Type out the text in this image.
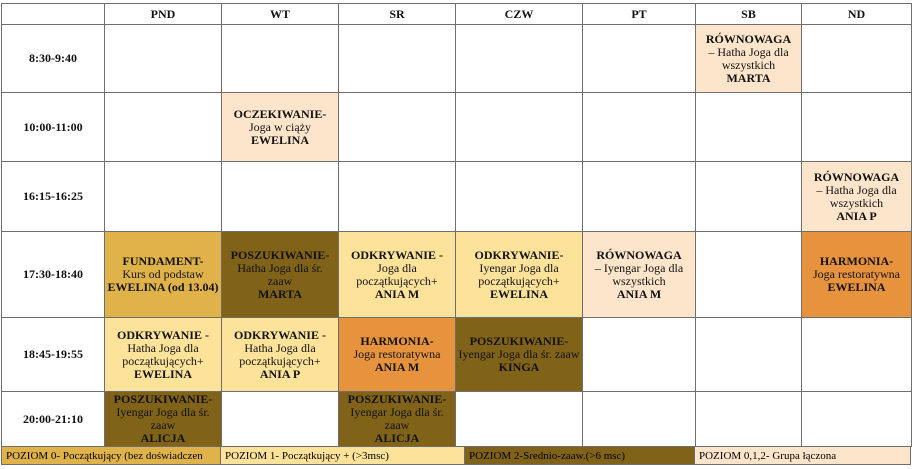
	PND	WT	SR	CZW	PT	SB	ND
8:30-9:40						RÓWNOWAGA
– Hatha Joga dla wszystkich
MARTA	

10:00-11:00		OCZEKIWANIE-
Joga w ciąży
EWELINA					

16:15-16:25							RÓWNOWAGA
– Hatha Joga dla wszystkich
ANIA P

17:30-18:40	FUNDAMENT-
Kurs od podstaw
EWELINA (od 13.04)	POSZUKIWANIE-
Hatha Joga dla śr. zaaw
MARTA	ODKRYWANIE -
Joga dla początkujących+
ANIA M	ODKRYWANIE-
Iyengar Joga dla początkujących+
EWELINA	RÓWNOWAGA
– Iyengar Joga dla wszystkich
ANIA M		HARMONIA-
Joga restoratywna
EWELINA

18:45-19:55	ODKRYWANIE -
Hatha Joga dla początkujących+
EWELINA	ODKRYWANIE -
Hatha Joga dla początkujących+
ANIA P	HARMONIA-
Joga restoratywna
ANIA M	POSZUKIWANIE-
Iyengar Joga dla śr. zaaw
KINGA			

20:00-21:10	POSZUKIWANIE-
Iyengar Joga dla śr. zaaw
ALICJA		POSZUKIWANIE-
Iyengar Joga dla śr. zaaw
ALICJA				

POZIOM 0- Początkujący (bez doświadczen	POZIOM 1- Początkujący + (>3msc)	POZIOM 2-Srednio-zaaw.(>6 msc)	POZIOM 0,1,2- Grupa łączona
